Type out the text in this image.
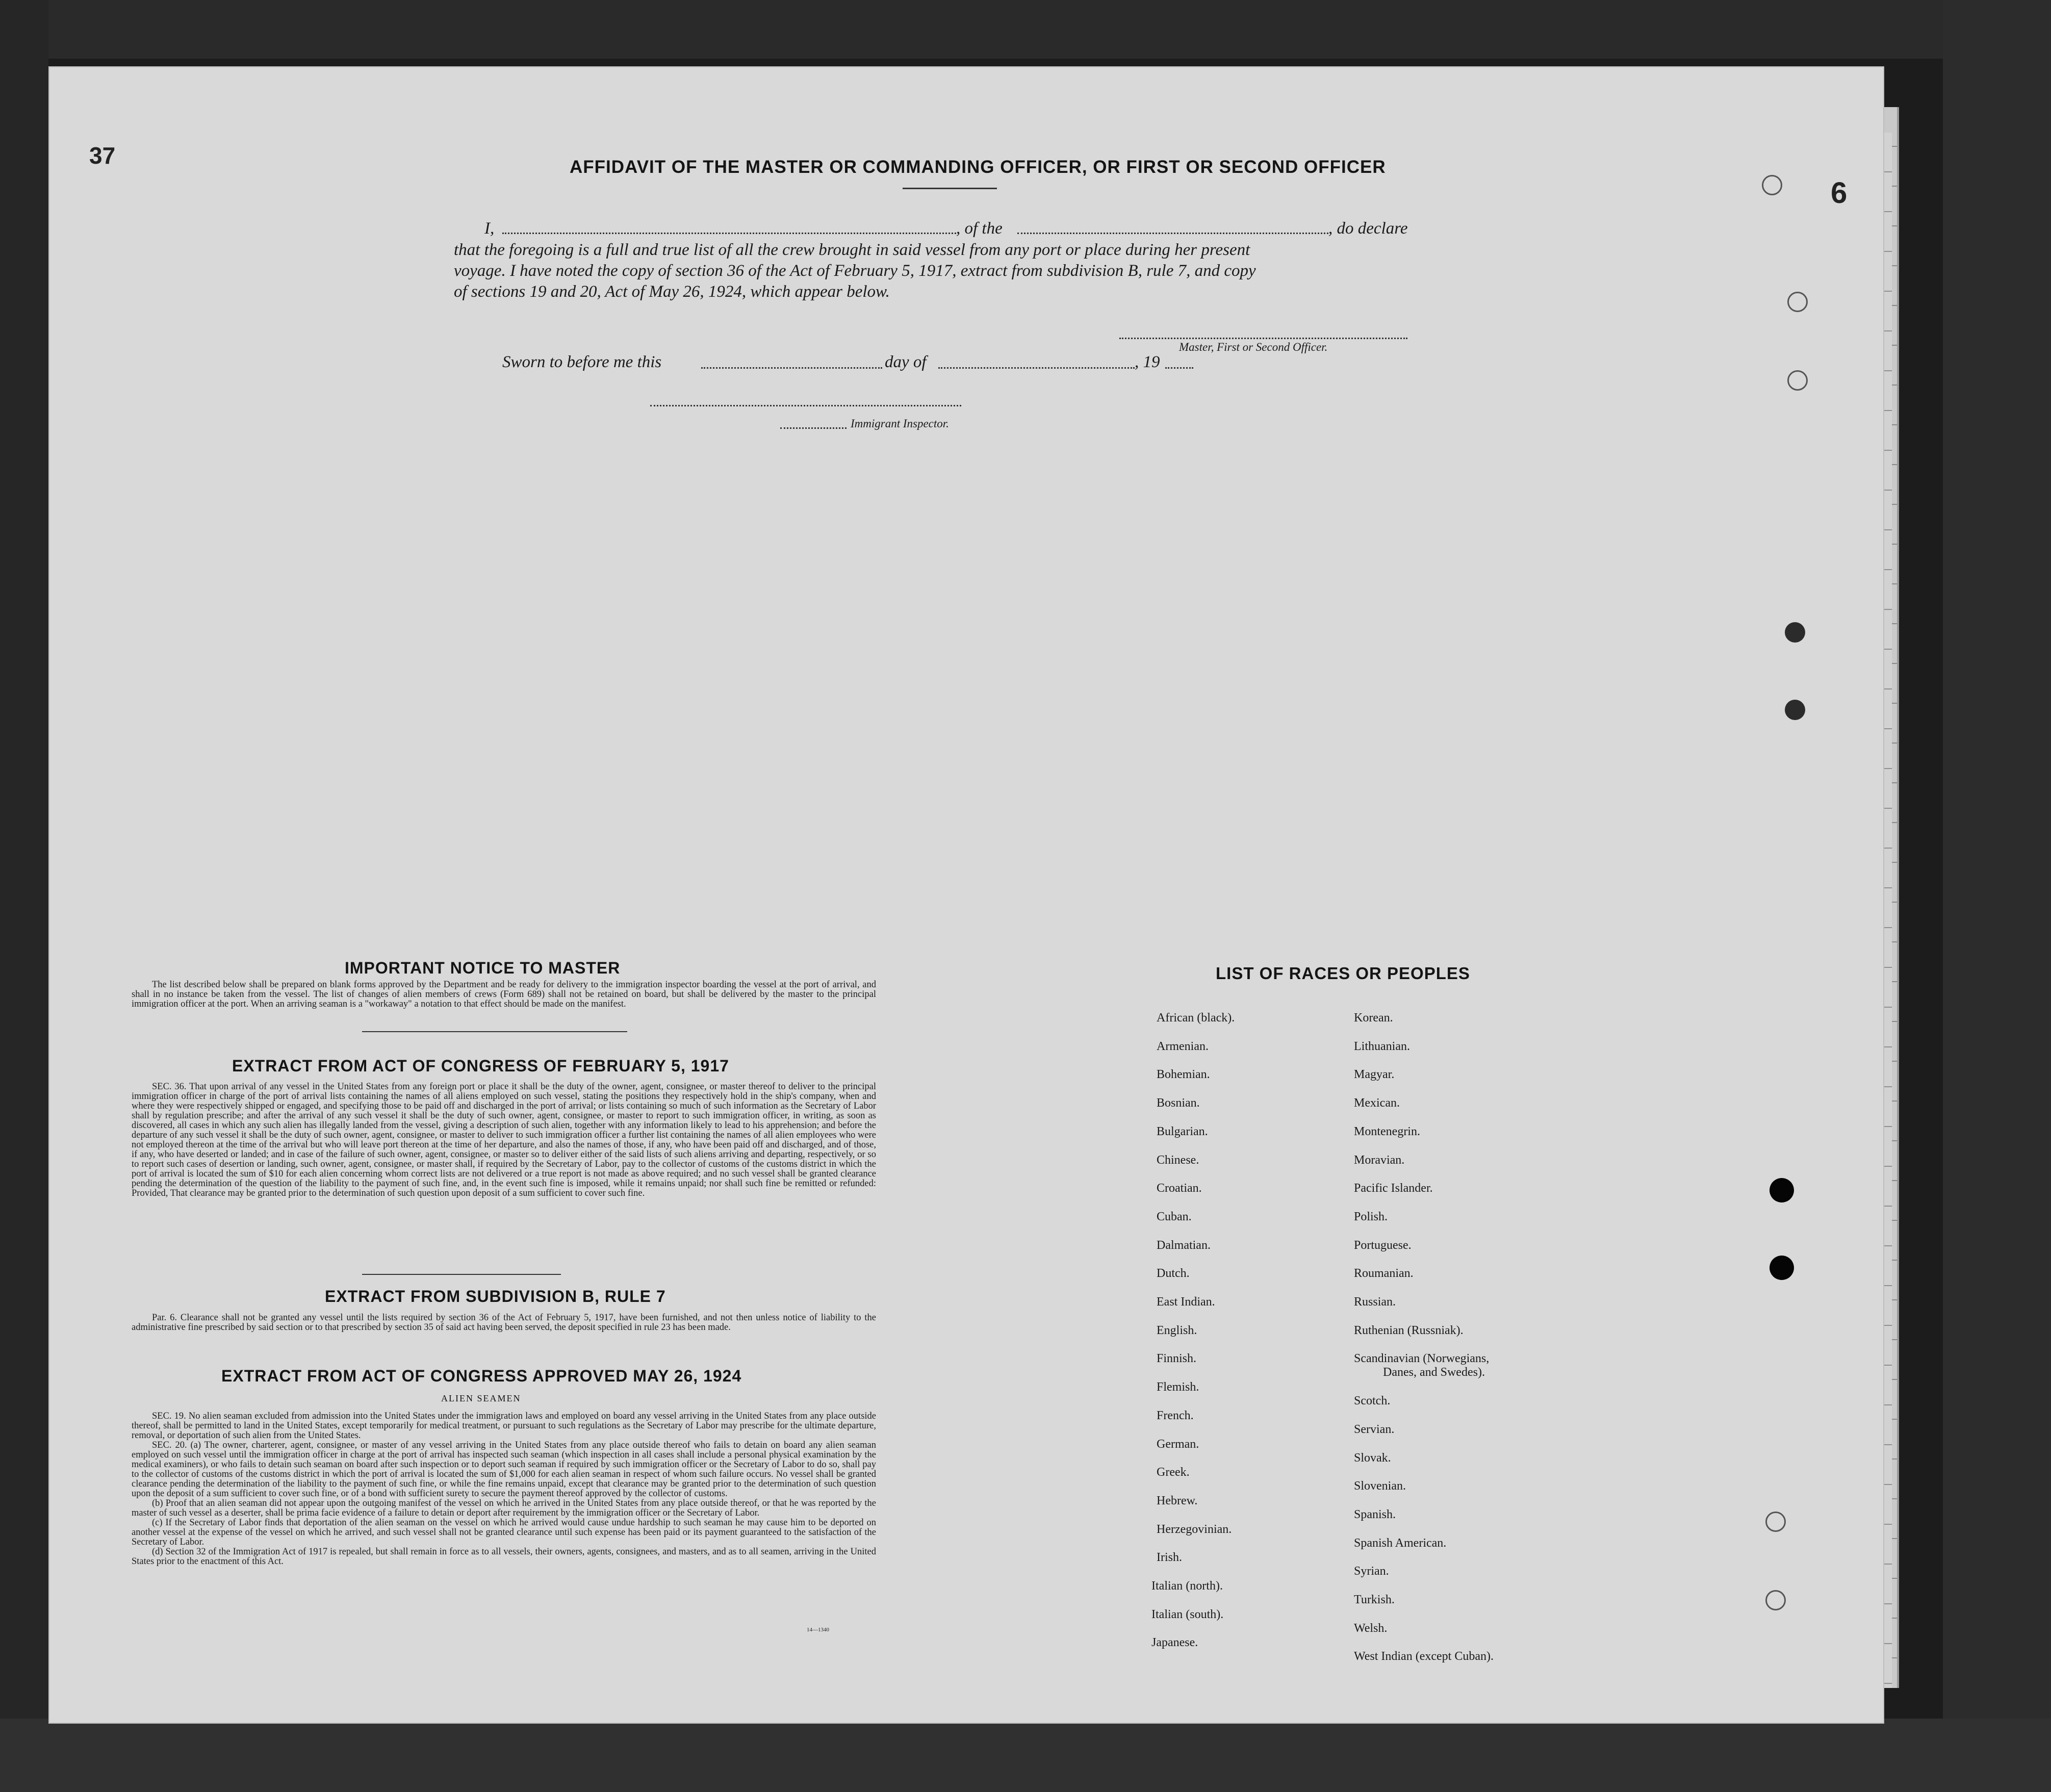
37
6
AFFIDAVIT OF THE MASTER OR COMMANDING OFFICER, OR FIRST OR SECOND OFFICER
I,	, of the	, do declare
that the foregoing is a full and true list of all the crew brought in said vessel from any port or place during her present
voyage. I have noted the copy of section 36 of the Act of February 5, 1917, extract from subdivision B, rule 7, and copy
of sections 19 and 20, Act of May 26, 1924, which appear below.
Master, First or Second Officer.
Sworn to before me this	day of	, 19
Immigrant Inspector.
IMPORTANT NOTICE TO MASTER

The list described below shall be prepared on blank forms approved by the Department and be ready for delivery to the immigration inspector boarding the vessel at the port of arrival, and shall in no instance be taken from the vessel. The list of changes of alien members of crews (Form 689) shall not be retained on board, but shall be delivered by the master to the principal immigration officer at the port. When an arriving seaman is a "workaway" a notation to that effect should be made on the manifest.

EXTRACT FROM ACT OF CONGRESS OF FEBRUARY 5, 1917

SEC. 36. That upon arrival of any vessel in the United States from any foreign port or place it shall be the duty of the owner, agent, consignee, or master thereof to deliver to the principal immigration officer in charge of the port of arrival lists containing the names of all aliens employed on such vessel, stating the positions they respectively hold in the ship's company, when and where they were respectively shipped or engaged, and specifying those to be paid off and discharged in the port of arrival; or lists containing so much of such information as the Secretary of Labor shall by regulation prescribe; and after the arrival of any such vessel it shall be the duty of such owner, agent, consignee, or master to report to such immigration officer, in writing, as soon as discovered, all cases in which any such alien has illegally landed from the vessel, giving a description of such alien, together with any information likely to lead to his apprehension; and before the departure of any such vessel it shall be the duty of such owner, agent, consignee, or master to deliver to such immigration officer a further list containing the names of all alien employees who were not employed thereon at the time of the arrival but who will leave port thereon at the time of her departure, and also the names of those, if any, who have been paid off and discharged, and of those, if any, who have deserted or landed; and in case of the failure of such owner, agent, consignee, or master so to deliver either of the said lists of such aliens arriving and departing, respectively, or so to report such cases of desertion or landing, such owner, agent, consignee, or master shall, if required by the Secretary of Labor, pay to the collector of customs of the customs district in which the port of arrival is located the sum of $10 for each alien concerning whom correct lists are not delivered or a true report is not made as above required; and no such vessel shall be granted clearance pending the determination of the question of the liability to the payment of such fine, and, in the event such fine is imposed, while it remains unpaid; nor shall such fine be remitted or refunded: Provided, That clearance may be granted prior to the determination of such question upon deposit of a sum sufficient to cover such fine.

EXTRACT FROM SUBDIVISION B, RULE 7

Par. 6. Clearance shall not be granted any vessel until the lists required by section 36 of the Act of February 5, 1917, have been furnished, and not then unless notice of liability to the administrative fine prescribed by said section or to that prescribed by section 35 of said act having been served, the deposit specified in rule 23 has been made.

EXTRACT FROM ACT OF CONGRESS APPROVED MAY 26, 1924
ALIEN SEAMEN

SEC. 19. No alien seaman excluded from admission into the United States under the immigration laws and employed on board any vessel arriving in the United States from any place outside thereof, shall be permitted to land in the United States, except temporarily for medical treatment, or pursuant to such regulations as the Secretary of Labor may prescribe for the ultimate departure, removal, or deportation of such alien from the United States.

SEC. 20. (a) The owner, charterer, agent, consignee, or master of any vessel arriving in the United States from any place outside thereof who fails to detain on board any alien seaman employed on such vessel until the immigration officer in charge at the port of arrival has inspected such seaman (which inspection in all cases shall include a personal physical examination by the medical examiners), or who fails to detain such seaman on board after such inspection or to deport such seaman if required by such immigration officer or the Secretary of Labor to do so, shall pay to the collector of customs of the customs district in which the port of arrival is located the sum of $1,000 for each alien seaman in respect of whom such failure occurs. No vessel shall be granted clearance pending the determination of the liability to the payment of such fine, or while the fine remains unpaid, except that clearance may be granted prior to the determination of such question upon the deposit of a sum sufficient to cover such fine, or of a bond with sufficient surety to secure the payment thereof approved by the collector of customs.

(b) Proof that an alien seaman did not appear upon the outgoing manifest of the vessel on which he arrived in the United States from any place outside thereof, or that he was reported by the master of such vessel as a deserter, shall be prima facie evidence of a failure to detain or deport after requirement by the immigration officer or the Secretary of Labor.

(c) If the Secretary of Labor finds that deportation of the alien seaman on the vessel on which he arrived would cause undue hardship to such seaman he may cause him to be deported on another vessel at the expense of the vessel on which he arrived, and such vessel shall not be granted clearance until such expense has been paid or its payment guaranteed to the satisfaction of the Secretary of Labor.

(d) Section 32 of the Immigration Act of 1917 is repealed, but shall remain in force as to all vessels, their owners, agents, consignees, and masters, and as to all seamen, arriving in the United States prior to the enactment of this Act.

14—1340
LIST OF RACES OR PEOPLES
African (black).
Armenian.
Bohemian.
Bosnian.
Bulgarian.
Chinese.
Croatian.
Cuban.
Dalmatian.
Dutch.
East Indian.
English.
Finnish.
Flemish.
French.
German.
Greek.
Hebrew.
Herzegovinian.
Irish.
Italian (north).
Italian (south).
Japanese.
Korean.
Lithuanian.
Magyar.
Mexican.
Montenegrin.
Moravian.
Pacific Islander.
Polish.
Portuguese.
Roumanian.
Russian.
Ruthenian (Russniak).
Scandinavian (Norwegians,
Danes, and Swedes).
Scotch.
Servian.
Slovak.
Slovenian.
Spanish.
Spanish American.
Syrian.
Turkish.
Welsh.
West Indian (except Cuban).
